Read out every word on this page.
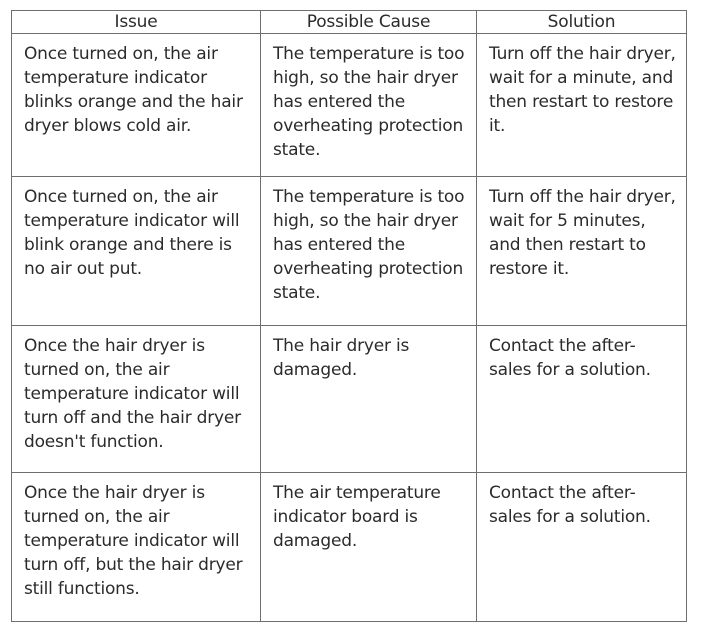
Issue	Possible Cause	Solution

Once turned on, the air temperature indicator blinks orange and the hair dryer blows cold air.	The temperature is too high, so the hair dryer has entered the overheating protection state.	Turn off the hair dryer, wait for a minute, and then restart to restore it.

Once turned on, the air temperature indicator will blink orange and there is no air out put.	The temperature is too high, so the hair dryer has entered the overheating protection state.	Turn off the hair dryer, wait for 5 minutes, and then restart to restore it.

Once the hair dryer is turned on, the air temperature indicator will turn off and the hair dryer doesn't function.	The hair dryer is damaged.	Contact the after-sales for a solution.

Once the hair dryer is turned on, the air temperature indicator will turn off, but the hair dryer still functions.	The air temperature indicator board is damaged.	Contact the after-sales for a solution.
